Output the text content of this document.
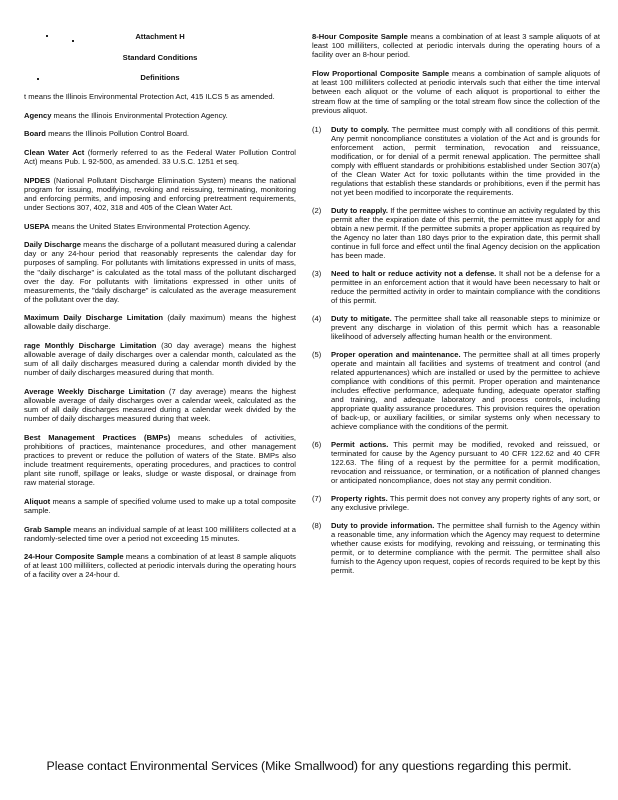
Attachment H
Standard Conditions
Definitions
t means the Illinois Environmental Protection Act, 415 ILCS 5 as amended.
Agency means the Illinois Environmental Protection Agency.
Board means the Illinois Pollution Control Board.
Clean Water Act (formerly referred to as the Federal Water Pollution Control Act) means Pub. L 92-500, as amended. 33 U.S.C. 1251 et seq.
NPDES (National Pollutant Discharge Elimination System) means the national program for issuing, modifying, revoking and reissuing, terminating, monitoring and enforcing permits, and imposing and enforcing pretreatment requirements, under Sections 307, 402, 318 and 405 of the Clean Water Act.
USEPA means the United States Environmental Protection Agency.
Daily Discharge means the discharge of a pollutant measured during a calendar day or any 24-hour period that reasonably represents the calendar day for purposes of sampling. For pollutants with limitations expressed in units of mass, the "daily discharge" is calculated as the total mass of the pollutant discharged over the day. For pollutants with limitations expressed in other units of measurements, the "daily discharge" is calculated as the average measurement of the pollutant over the day.
Maximum Daily Discharge Limitation (daily maximum) means the highest allowable daily discharge.
rage Monthly Discharge Limitation (30 day average) means the highest allowable average of daily discharges over a calendar month, calculated as the sum of all daily discharges measured during a calendar month divided by the number of daily discharges measured during that month.
Average Weekly Discharge Limitation (7 day average) means the highest allowable average of daily discharges over a calendar week, calculated as the sum of all daily discharges measured during a calendar week divided by the number of daily discharges measured during that week.
Best Management Practices (BMPs) means schedules of activities, prohibitions of practices, maintenance procedures, and other management practices to prevent or reduce the pollution of waters of the State. BMPs also include treatment requirements, operating procedures, and practices to control plant site runoff, spillage or leaks, sludge or waste disposal, or drainage from raw material storage.
Aliquot means a sample of specified volume used to make up a total composite sample.
Grab Sample means an individual sample of at least 100 milliliters collected at a randomly-selected time over a period not exceeding 15 minutes.
24-Hour Composite Sample means a combination of at least 8 sample aliquots of at least 100 milliliters, collected at periodic intervals during the operating hours of a facility over a 24-hour d.
8-Hour Composite Sample means a combination of at least 3 sample aliquots of at least 100 milliliters, collected at periodic intervals during the operating hours of a facility over an 8-hour period.
Flow Proportional Composite Sample means a combination of sample aliquots of at least 100 milliliters collected at periodic intervals such that either the time interval between each aliquot or the volume of each aliquot is proportional to either the stream flow at the time of sampling or the total stream flow since the collection of the previous aliquot.
(1) Duty to comply. The permittee must comply with all conditions of this permit. Any permit noncompliance constitutes a violation of the Act and is grounds for enforcement action, permit termination, revocation and reissuance, modification, or for denial of a permit renewal application. The permittee shall comply with effluent standards or prohibitions established under Section 307(a) of the Clean Water Act for toxic pollutants within the time provided in the regulations that establish these standards or prohibitions, even if the permit has not yet been modified to incorporate the requirements.
(2) Duty to reapply. If the permittee wishes to continue an activity regulated by this permit after the expiration date of this permit, the permittee must apply for and obtain a new permit. If the permittee submits a proper application as required by the Agency no later than 180 days prior to the expiration date, this permit shall continue in full force and effect until the final Agency decision on the application has been made.
(3) Need to halt or reduce activity not a defense. It shall not be a defense for a permittee in an enforcement action that it would have been necessary to halt or reduce the permitted activity in order to maintain compliance with the conditions of this permit.
(4) Duty to mitigate. The permittee shall take all reasonable steps to minimize or prevent any discharge in violation of this permit which has a reasonable likelihood of adversely affecting human health or the environment.
(5) Proper operation and maintenance. The permittee shall at all times properly operate and maintain all facilities and systems of treatment and control (and related appurtenances) which are installed or used by the permittee to achieve compliance with conditions of this permit. Proper operation and maintenance includes effective performance, adequate funding, adequate operator staffing and training, and adequate laboratory and process controls, including appropriate quality assurance procedures. This provision requires the operation of back-up, or auxiliary facilities, or similar systems only when necessary to achieve compliance with the conditions of the permit.
(6) Permit actions. This permit may be modified, revoked and reissued, or terminated for cause by the Agency pursuant to 40 CFR 122.62 and 40 CFR 122.63. The filing of a request by the permittee for a permit modification, revocation and reissuance, or termination, or a notification of planned changes or anticipated noncompliance, does not stay any permit condition.
(7) Property rights. This permit does not convey any property rights of any sort, or any exclusive privilege.
(8) Duty to provide information. The permittee shall furnish to the Agency within a reasonable time, any information which the Agency may request to determine whether cause exists for modifying, revoking and reissuing, or terminating this permit, or to determine compliance with the permit. The permittee shall also furnish to the Agency upon request, copies of records required to be kept by this permit.
Please contact Environmental Services (Mike Smallwood) for any questions regarding this permit.
